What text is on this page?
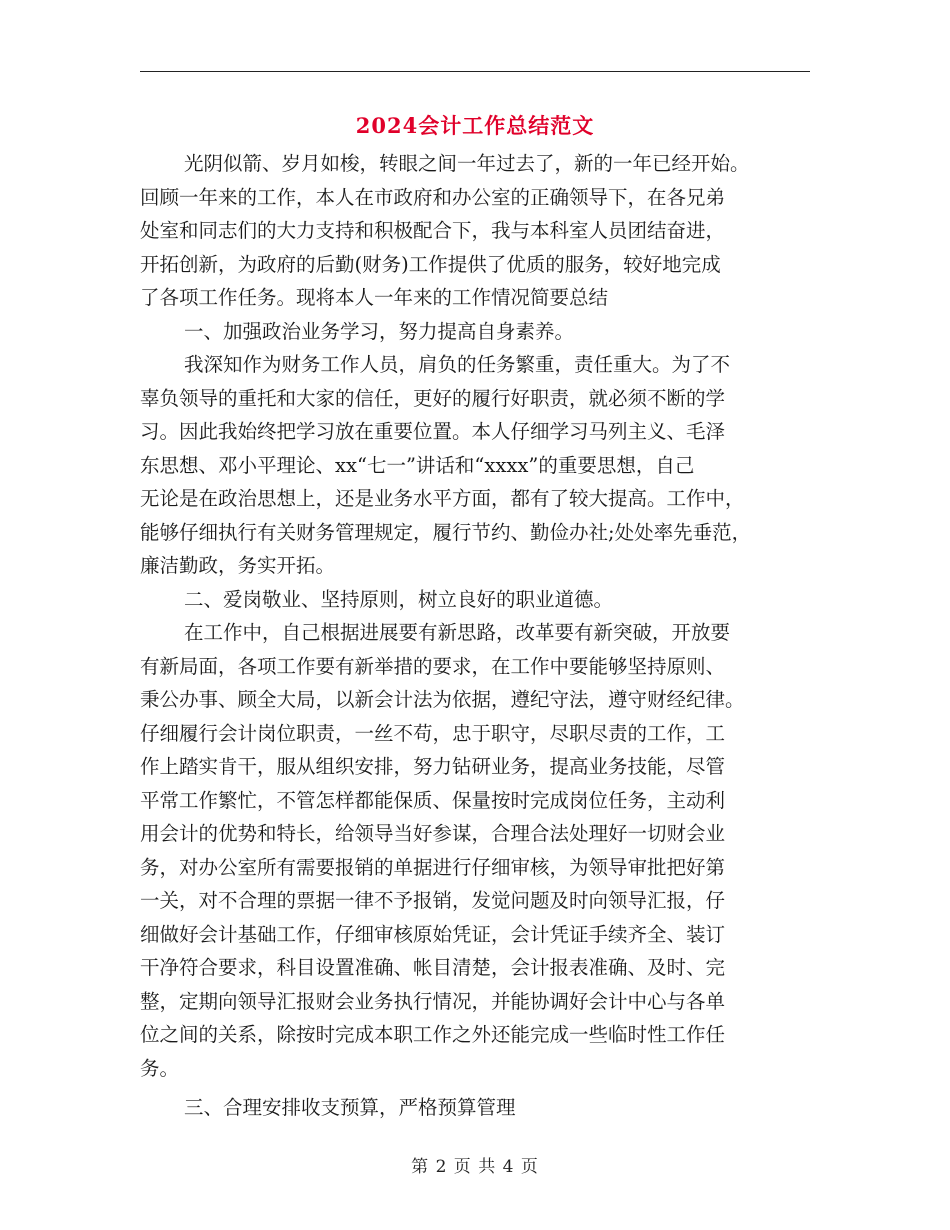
2024会计工作总结范文
光阴似箭、岁月如梭，转眼之间一年过去了，新的一年已经开始。
回顾一年来的工作，本人在市政府和办公室的正确领导下，在各兄弟
处室和同志们的大力支持和积极配合下，我与本科室人员团结奋进，
开拓创新，为政府的后勤(财务)工作提供了优质的服务，较好地完成
了各项工作任务。现将本人一年来的工作情况简要总结
一、加强政治业务学习，努力提高自身素养。
我深知作为财务工作人员，肩负的任务繁重，责任重大。为了不
辜负领导的重托和大家的信任，更好的履行好职责，就必须不断的学
习。因此我始终把学习放在重要位置。本人仔细学习马列主义、毛泽
东思想、邓小平理论、xx“七一”讲话和“xxxx”的重要思想，自己
无论是在政治思想上，还是业务水平方面，都有了较大提高。工作中，
能够仔细执行有关财务管理规定，履行节约、勤俭办社;处处率先垂范，
廉洁勤政，务实开拓。
二、爱岗敬业、坚持原则，树立良好的职业道德。
在工作中，自己根据进展要有新思路，改革要有新突破，开放要
有新局面，各项工作要有新举措的要求，在工作中要能够坚持原则、
秉公办事、顾全大局，以新会计法为依据，遵纪守法，遵守财经纪律。
仔细履行会计岗位职责，一丝不苟，忠于职守，尽职尽责的工作，工
作上踏实肯干，服从组织安排，努力钻研业务，提高业务技能，尽管
平常工作繁忙，不管怎样都能保质、保量按时完成岗位任务，主动利
用会计的优势和特长，给领导当好参谋，合理合法处理好一切财会业
务，对办公室所有需要报销的单据进行仔细审核，为领导审批把好第
一关，对不合理的票据一律不予报销，发觉问题及时向领导汇报，仔
细做好会计基础工作，仔细审核原始凭证，会计凭证手续齐全、装订
干净符合要求，科目设置准确、帐目清楚，会计报表准确、及时、完
整，定期向领导汇报财会业务执行情况，并能协调好会计中心与各单
位之间的关系，除按时完成本职工作之外还能完成一些临时性工作任
务。
三、合理安排收支预算，严格预算管理
第 2 页 共 4 页
